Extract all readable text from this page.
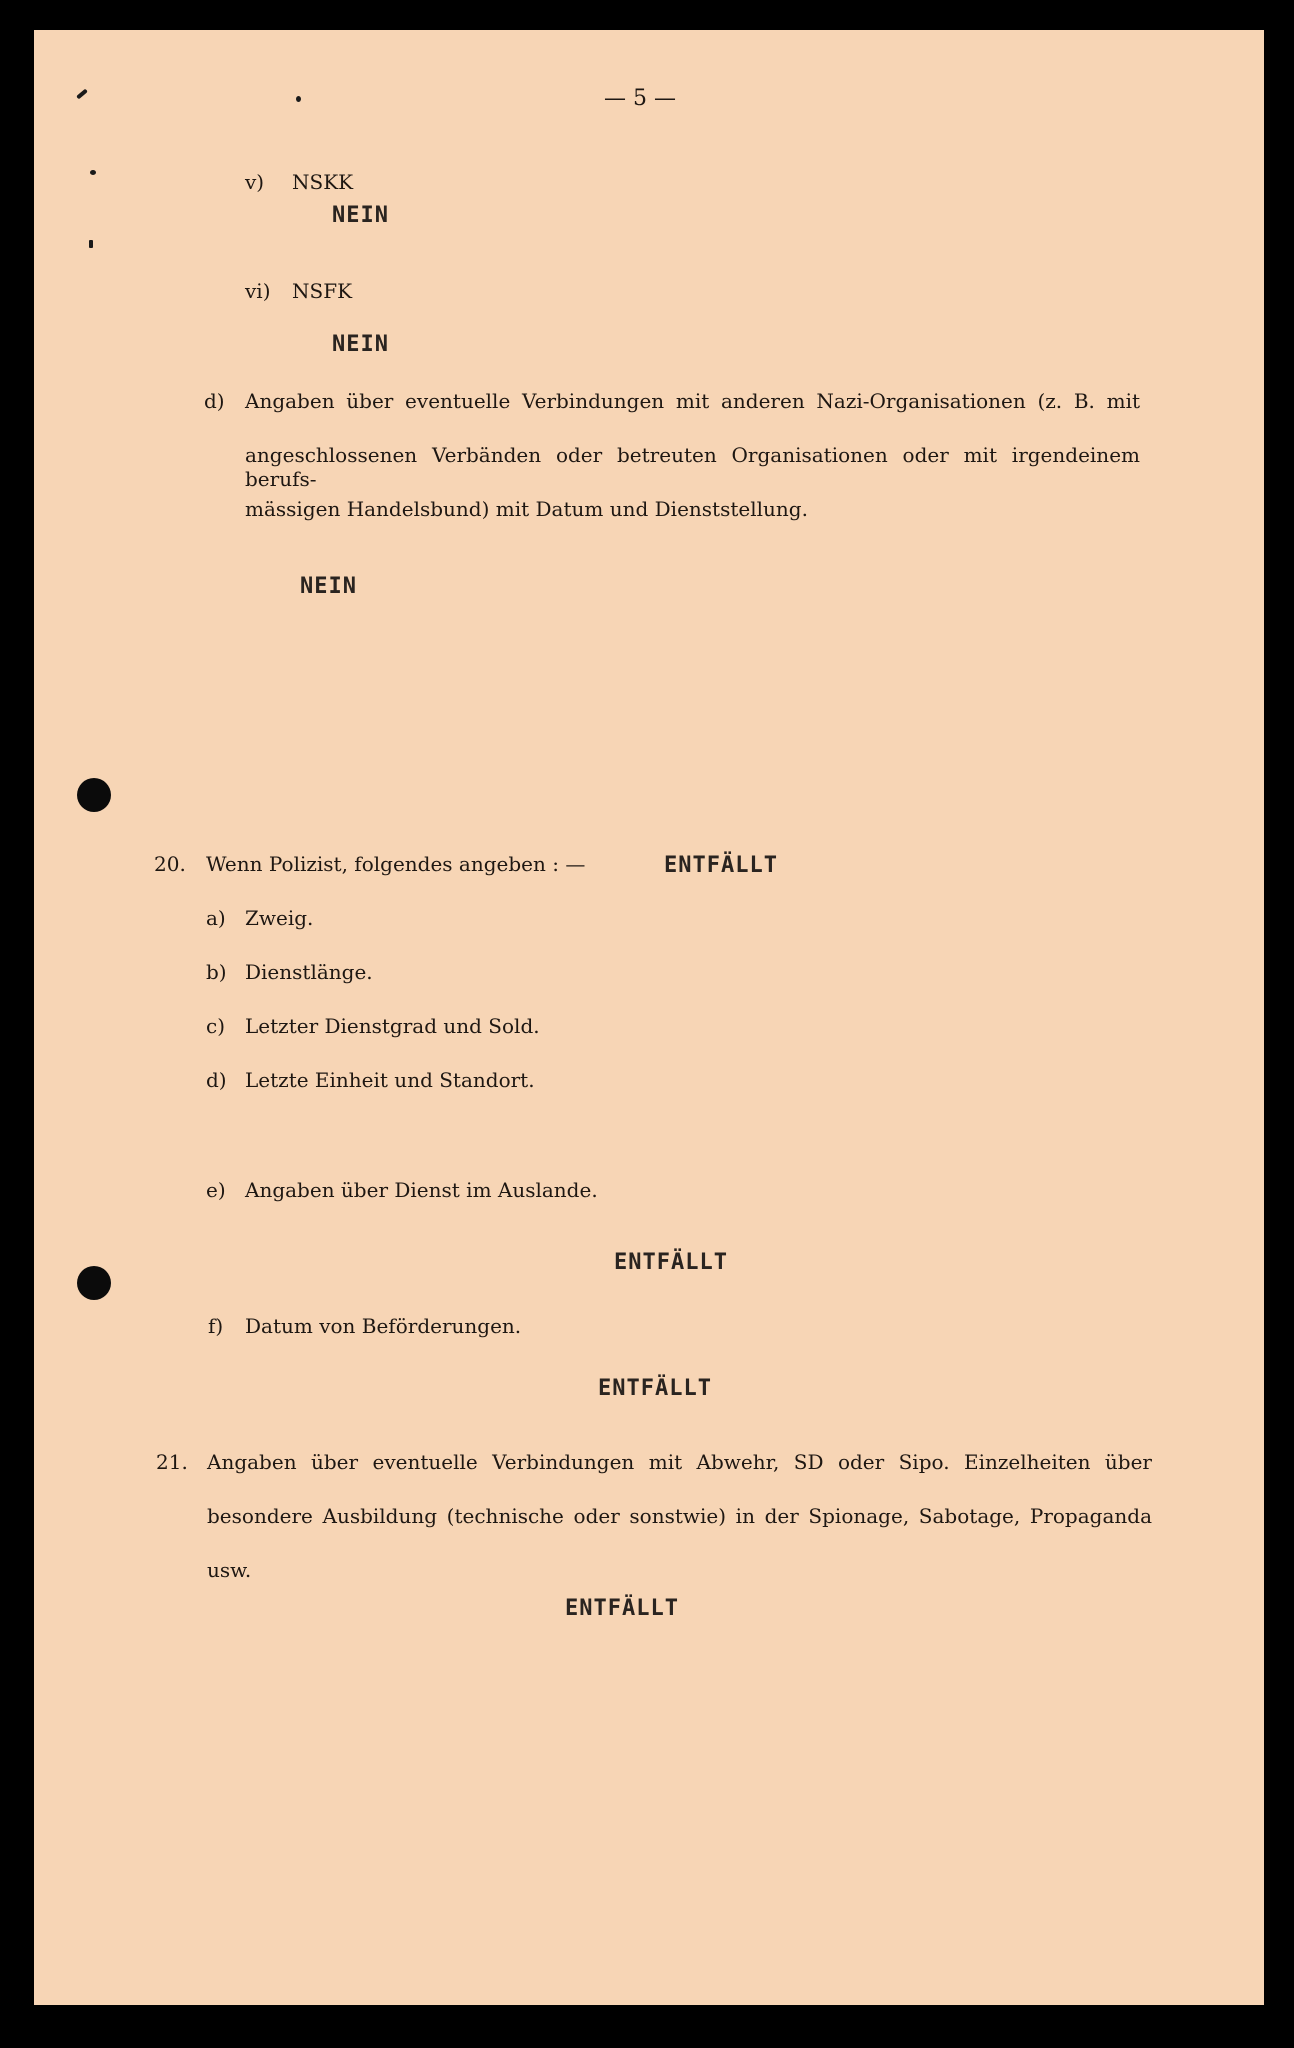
— 5 —
v) NSKK
NEIN
vi) NSFK
NEIN
d) Angaben über eventuelle Verbindungen mit anderen Nazi-Organisationen (z. B. mit
angeschlossenen Verbänden oder betreuten Organisationen oder mit irgendeinem berufs-
mässigen Handelsbund) mit Datum und Dienststellung.
NEIN
20. Wenn Polizist, folgendes angeben : —	ENTFÄLLT
a) Zweig.
b) Dienstlänge.
c) Letzter Dienstgrad und Sold.
d) Letzte Einheit und Standort.
e) Angaben über Dienst im Auslande.
ENTFÄLLT
f) Datum von Beförderungen.
ENTFÄLLT
21. Angaben über eventuelle Verbindungen mit Abwehr, SD oder Sipo. Einzelheiten über
besondere Ausbildung (technische oder sonstwie) in der Spionage, Sabotage, Propaganda
usw.
ENTFÄLLT
